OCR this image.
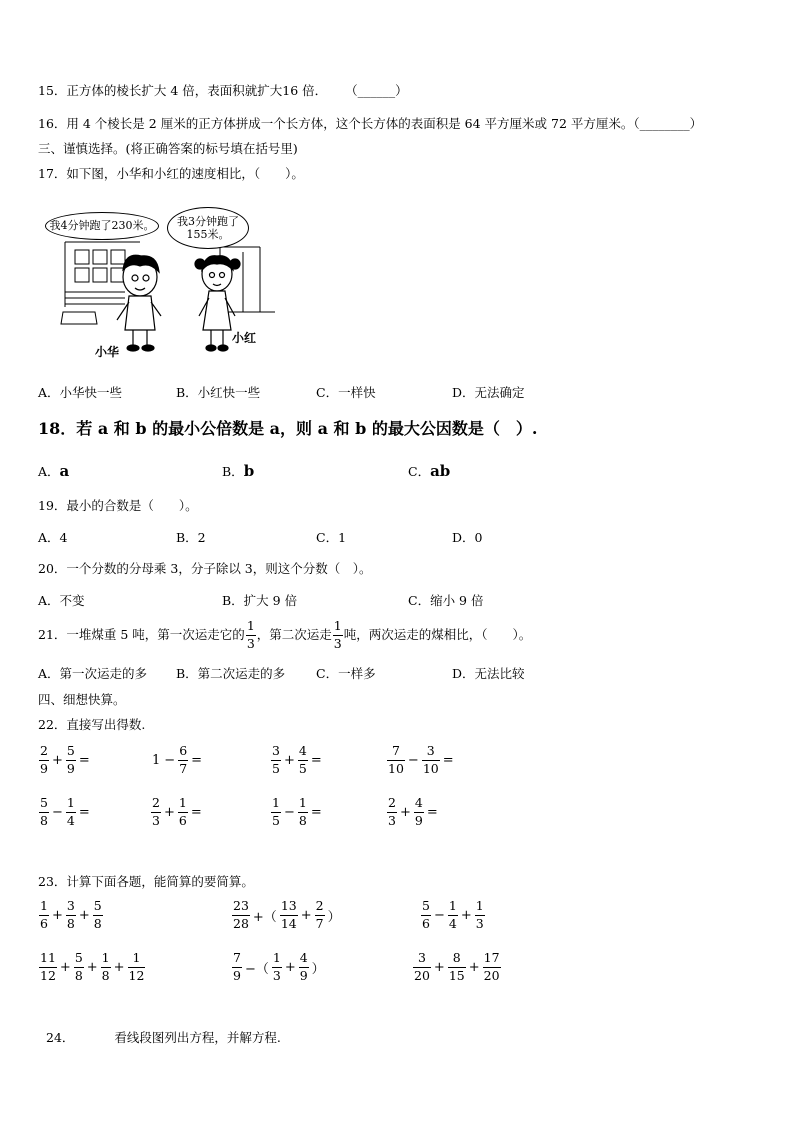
15．正方体的棱长扩大 4 倍，表面积就扩大16 倍． （______）
16．用 4 个棱长是 2 厘米的正方体拼成一个长方体，这个长方体的表面积是 64 平方厘米或 72 平方厘米。（________）
三、谨慎选择。(将正确答案的标号填在括号里)
17．如下图，小华和小红的速度相比，（　　）。
我4分钟跑了230米。	我3分钟跑了
155米。
小华
小红
A．小华快一些	B．小红快一些	C．一样快	D．无法确定
18．若 a 和 b 的最小公倍数是 a，则 a 和 b 的最大公因数是（　）.
A．a	B．b	C．ab
19．最小的合数是（　　）。
A．4	B．2	C．1	D．0
20．一个分数的分母乘 3，分子除以 3，则这个分数（　）。
A．不变	B．扩大 9 倍	C．缩小 9 倍
21．一堆煤重 5 吨，第一次运走它的 $\frac{1}{3}$ ，第二次运走 $\frac{1}{3}$ 吨，两次运走的煤相比，（　　）。
A．第一次运走的多 B．第二次运走的多 C．一样多	D．无法比较
四、细想快算。
22．直接写出得数.
$\frac{2}{9} + \frac{5}{9}$ =	$1 - \frac{6}{7}$ =	$\frac{3}{5} + \frac{4}{5}$ =	$\frac{7}{10} - \frac{3}{10}$ =
$\frac{5}{8} - \frac{1}{4}$ =	$\frac{2}{3} + \frac{1}{6}$ =	$\frac{1}{5} - \frac{1}{8}$ =	$\frac{2}{3} + \frac{4}{9}$ =
23．计算下面各题，能简算的要简算。
$\frac{1}{6} + \frac{3}{8} + \frac{5}{8}$	$\frac{23}{28}$ +（ $\frac{13}{14} + \frac{2}{7}$ ）	$\frac{5}{6} - \frac{1}{4} + \frac{1}{3}$
$\frac{11}{12} + \frac{5}{8} + \frac{1}{8} + \frac{1}{12}$	$\frac{7}{9}$ −（ $\frac{1}{3} + \frac{4}{9}$ ）	$\frac{3}{20} + \frac{8}{15} + \frac{17}{20}$
24．	看线段图列出方程，并解方程.
